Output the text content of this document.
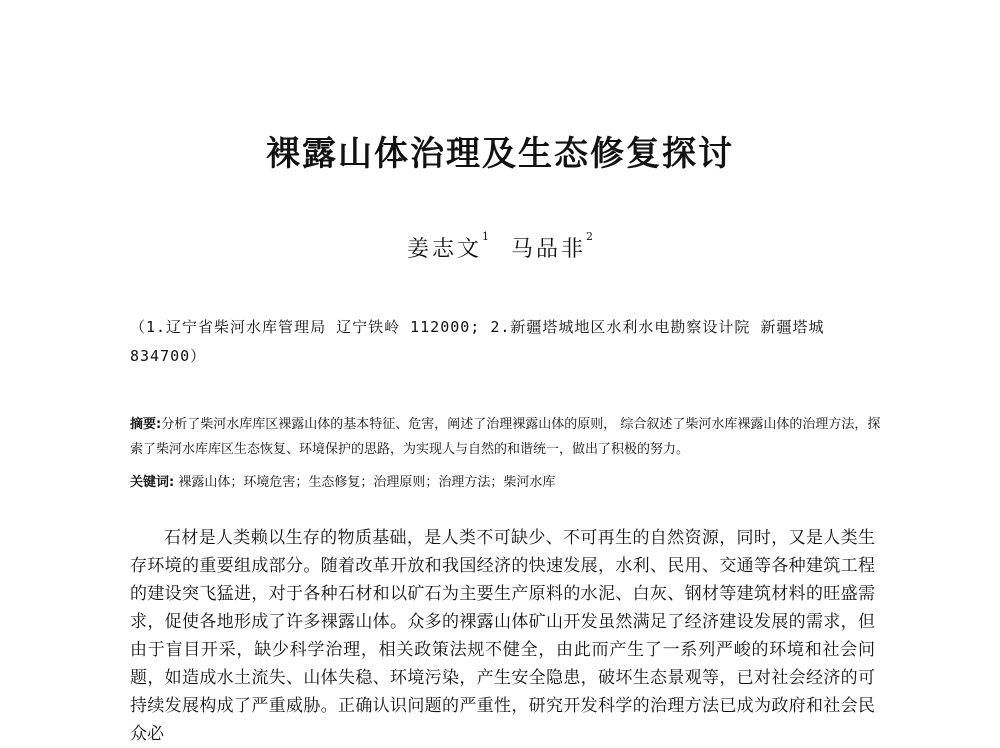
裸露山体治理及生态修复探讨
姜志文$^1$马品非$^2$
（1.辽宁省柴河水库管理局 辽宁铁岭 112000; 2.新疆塔城地区水利水电勘察设计院 新疆塔城 834700）
摘要:分析了柴河水库库区裸露山体的基本特征、危害，阐述了治理裸露山体的原则， 综合叙述了柴河水库裸露山体的治理方法，探索了柴河水库库区生态恢复、环境保护的思路，为实现人与自然的和谐统一，做出了积极的努力。
关键词: 裸露山体；环境危害；生态修复；治理原则；治理方法；柴河水库

石材是人类赖以生存的物质基础，是人类不可缺少、不可再生的自然资源，同时，又是人类生存环境的重要组成部分。随着改革开放和我国经济的快速发展，水利、民用、交通等各种建筑工程的建设突飞猛进，对于各种石材和以矿石为主要生产原料的水泥、白灰、钢材等建筑材料的旺盛需求，促使各地形成了许多裸露山体。众多的裸露山体矿山开发虽然满足了经济建设发展的需求，但由于盲目开采，缺少科学治理，相关政策法规不健全，由此而产生了一系列严峻的环境和社会问题，如造成水土流失、山体失稳、环境污染，产生安全隐患，破坏生态景观等，已对社会经济的可持续发展构成了严重威胁。正确认识问题的严重性，研究开发科学的治理方法已成为政府和社会民众必
